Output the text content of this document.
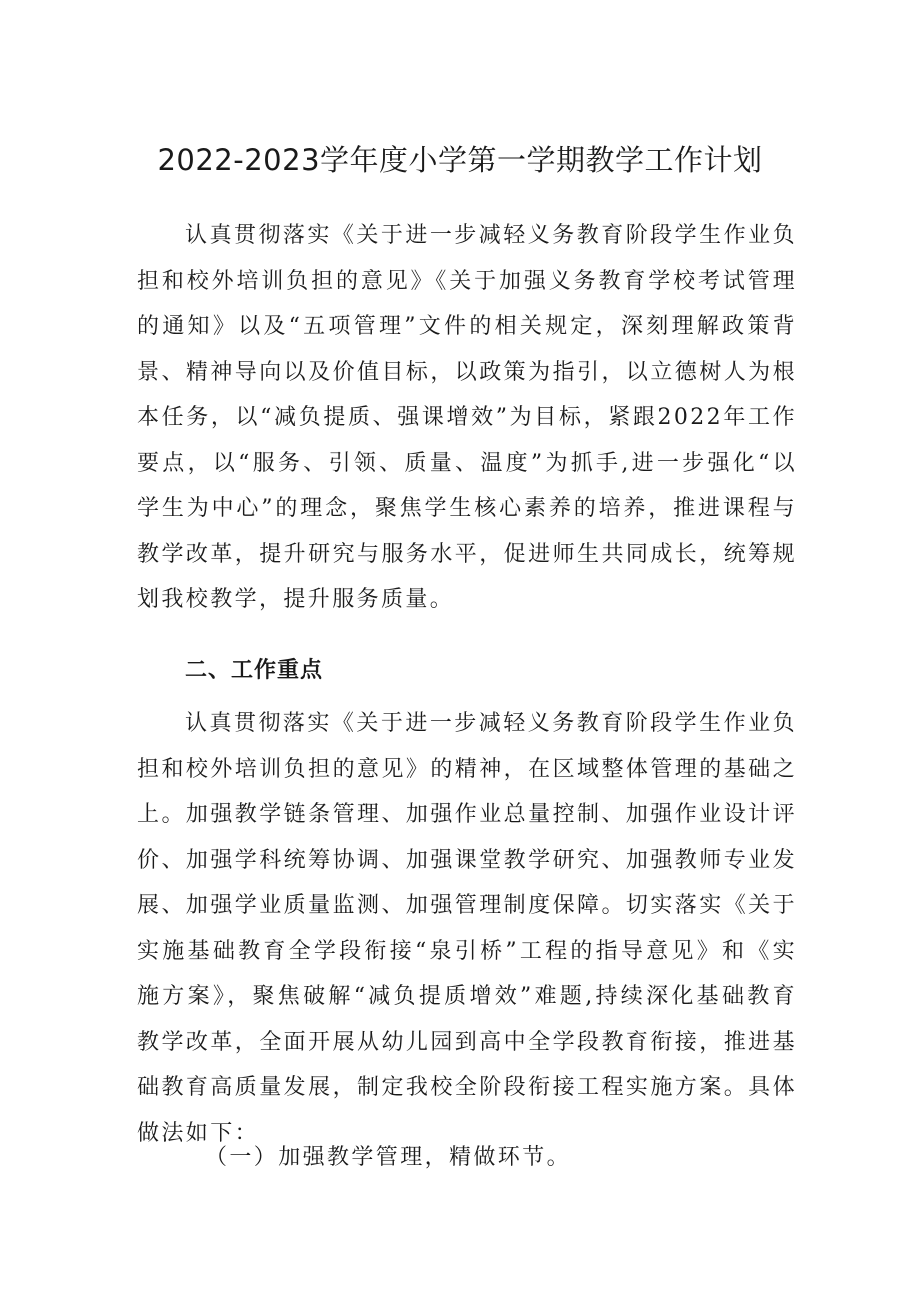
2022-2023学年度小学第一学期教学工作计划

认真贯彻落实《关于进一步减轻义务教育阶段学生作业负担和校外培训负担的意见》《关于加强义务教育学校考试管理的通知》以及“五项管理”文件的相关规定，深刻理解政策背景、精神导向以及价值目标，以政策为指引，以立德树人为根本任务，以“减负提质、强课增效”为目标，紧跟2022年工作要点，以“服务、引领、质量、温度”为抓手,进一步强化“以学生为中心”的理念，聚焦学生核心素养的培养，推进课程与教学改革，提升研究与服务水平，促进师生共同成长，统筹规划我校教学，提升服务质量。

二、工作重点

认真贯彻落实《关于进一步减轻义务教育阶段学生作业负担和校外培训负担的意见》的精神，在区域整体管理的基础之上。加强教学链条管理、加强作业总量控制、加强作业设计评价、加强学科统筹协调、加强课堂教学研究、加强教师专业发展、加强学业质量监测、加强管理制度保障。切实落实《关于实施基础教育全学段衔接“泉引桥”工程的指导意见》和《实施方案》，聚焦破解“减负提质增效”难题,持续深化基础教育教学改革，全面开展从幼儿园到高中全学段教育衔接，推进基础教育高质量发展，制定我校全阶段衔接工程实施方案。具体做法如下：

（一）加强教学管理，精做环节。
